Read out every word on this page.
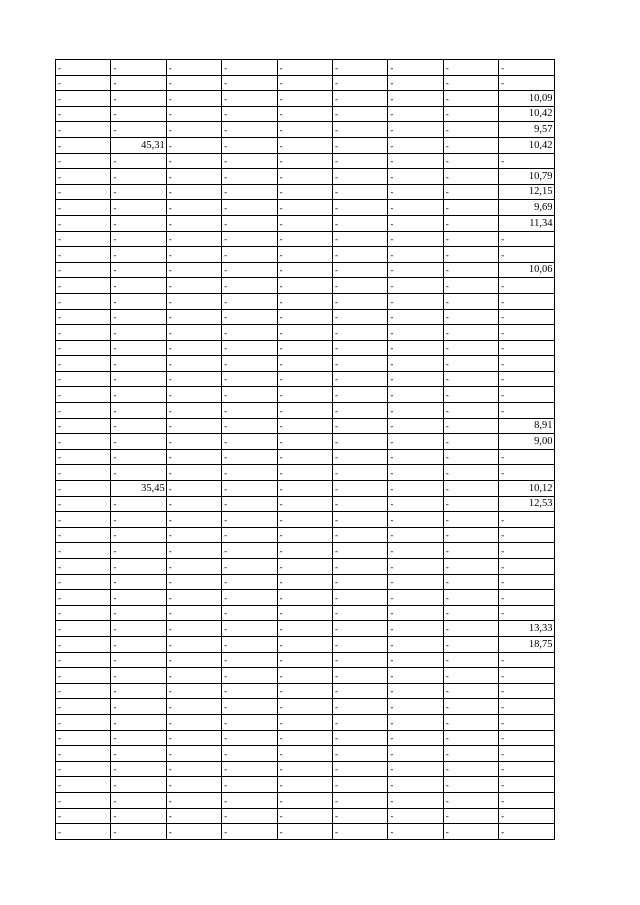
-	-	-	-	-	-	-	-	-
-	-	-	-	-	-	-	-	-
-	-	-	-	-	-	-	-	10,09
-	-	-	-	-	-	-	-	10,42
-	-	-	-	-	-	-	-	9,57
-	45,31	-	-	-	-	-	-	10,42
-	-	-	-	-	-	-	-	-
-	-	-	-	-	-	-	-	10,79
-	-	-	-	-	-	-	-	12,15
-	-	-	-	-	-	-	-	9,69
-	-	-	-	-	-	-	-	11,34
-	-	-	-	-	-	-	-	-
-	-	-	-	-	-	-	-	-
-	-	-	-	-	-	-	-	10,06
-	-	-	-	-	-	-	-	-
-	-	-	-	-	-	-	-	-
-	-	-	-	-	-	-	-	-
-	-	-	-	-	-	-	-	-
-	-	-	-	-	-	-	-	-
-	-	-	-	-	-	-	-	-
-	-	-	-	-	-	-	-	-
-	-	-	-	-	-	-	-	-
-	-	-	-	-	-	-	-	-
-	-	-	-	-	-	-	-	8,91
-	-	-	-	-	-	-	-	9,00
-	-	-	-	-	-	-	-	-
-	-	-	-	-	-	-	-	-
-	35,45	-	-	-	-	-	-	10,12
-	-	-	-	-	-	-	-	12,53
-	-	-	-	-	-	-	-	-
-	-	-	-	-	-	-	-	-
-	-	-	-	-	-	-	-	-
-	-	-	-	-	-	-	-	-
-	-	-	-	-	-	-	-	-
-	-	-	-	-	-	-	-	-
-	-	-	-	-	-	-	-	-
-	-	-	-	-	-	-	-	13,33
-	-	-	-	-	-	-	-	18,75
-	-	-	-	-	-	-	-	-
-	-	-	-	-	-	-	-	-
-	-	-	-	-	-	-	-	-
-	-	-	-	-	-	-	-	-
-	-	-	-	-	-	-	-	-
-	-	-	-	-	-	-	-	-
-	-	-	-	-	-	-	-	-
-	-	-	-	-	-	-	-	-
-	-	-	-	-	-	-	-	-
-	-	-	-	-	-	-	-	-
-	-	-	-	-	-	-	-	-
-	-	-	-	-	-	-	-	-
